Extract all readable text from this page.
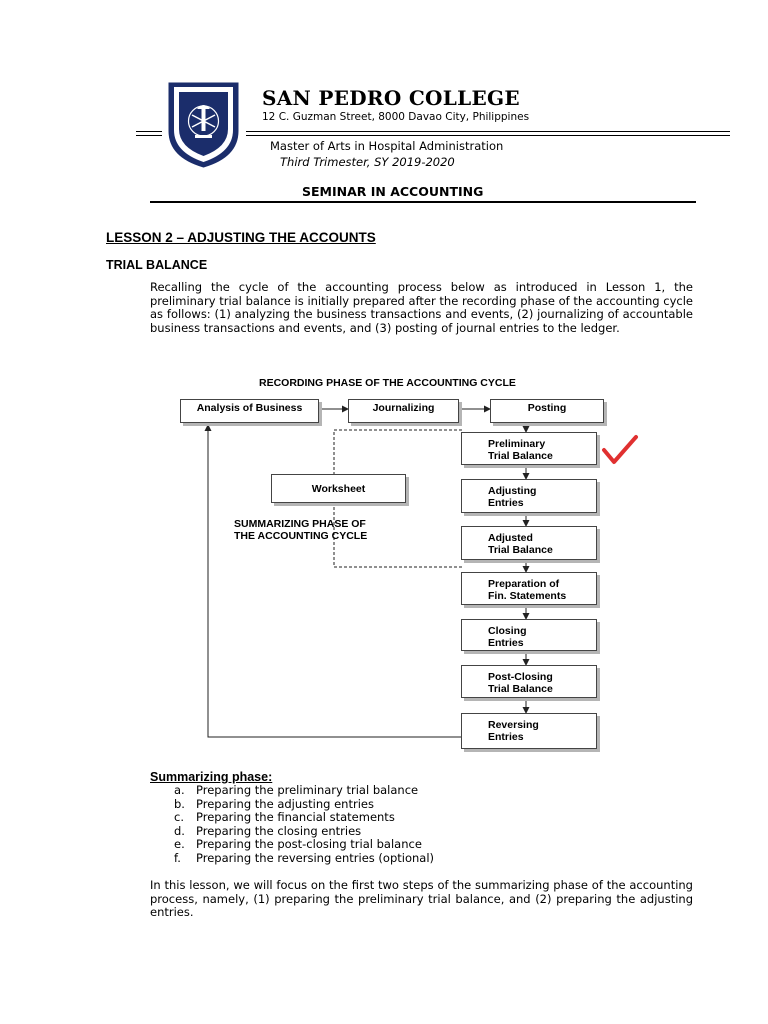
SAN PEDRO COLLEGE
12 C. Guzman Street, 8000 Davao City, Philippines
Master of Arts in Hospital Administration
Third Trimester, SY 2019-2020
SEMINAR IN ACCOUNTING
LESSON 2 – ADJUSTING THE ACCOUNTS
TRIAL BALANCE
Recalling the cycle of the accounting process below as introduced in Lesson 1, the preliminary trial balance is initially prepared after the recording phase of the accounting cycle as follows: (1) analyzing the business transactions and events, (2) journalizing of accountable business transactions and events, and (3) posting of journal entries to the ledger.
RECORDING PHASE OF THE ACCOUNTING CYCLE
Analysis of Business	Journalizing	Posting
Preliminary
Trial Balance
Adjusting
Entries
Adjusted
Trial Balance
Preparation of
Fin. Statements
Closing
Entries
Post-Closing
Trial Balance
Reversing
Entries
Worksheet
SUMMARIZING PHASE OF
THE ACCOUNTING CYCLE
Summarizing phase:
a. Preparing the preliminary trial balance
b. Preparing the adjusting entries
c.	Preparing the financial statements
d. Preparing the closing entries
e. Preparing the post-closing trial balance
f.	Preparing the reversing entries (optional)
In this lesson, we will focus on the first two steps of the summarizing phase of the accounting process, namely, (1) preparing the preliminary trial balance, and (2) preparing the adjusting entries.
